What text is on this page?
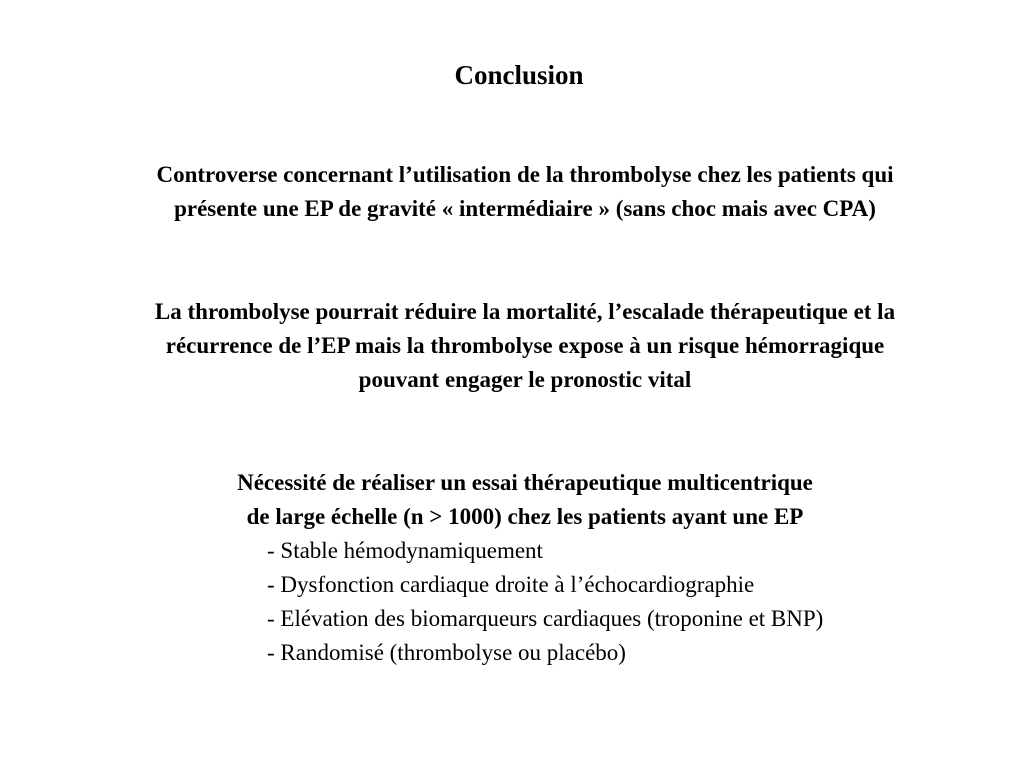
Conclusion

Controverse concernant l’utilisation de la thrombolyse chez les patients qui
présente une EP de gravité « intermédiaire » (sans choc mais avec CPA)

La thrombolyse pourrait réduire la mortalité, l’escalade thérapeutique et la
récurrence de l’EP mais la thrombolyse expose à un risque hémorragique
pouvant engager le pronostic vital

Nécessité de réaliser un essai thérapeutique multicentrique
de large échelle (n > 1000) chez les patients ayant une EP

- Stable hémodynamiquement
- Dysfonction cardiaque droite à l’échocardiographie
- Elévation des biomarqueurs cardiaques (troponine et BNP)
- Randomisé (thrombolyse ou placébo)
